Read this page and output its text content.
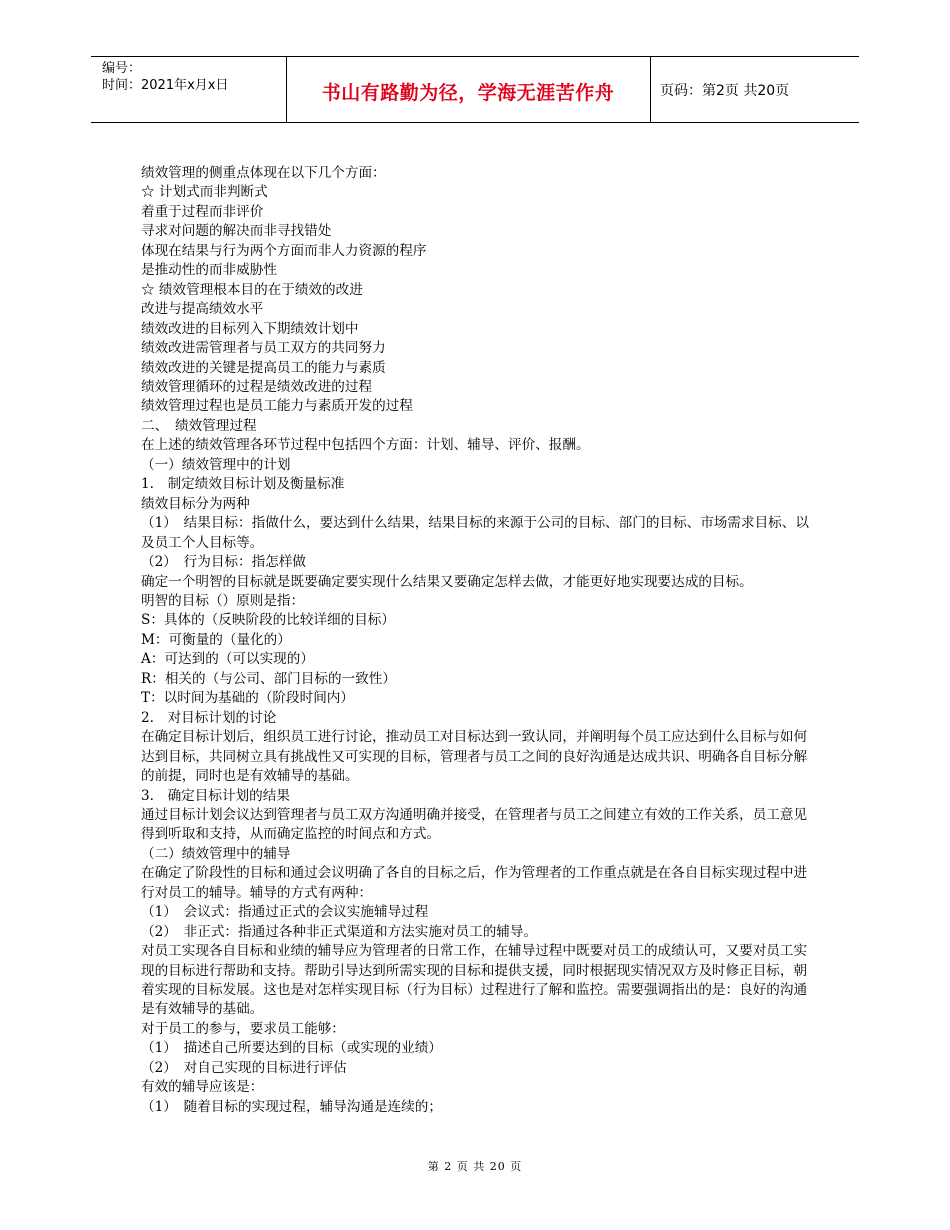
编号：
时间：2021年x月x日	书山有路勤为径，学海无涯苦作舟	页码：第2页 共20页
绩效管理的侧重点体现在以下几个方面：
☆ 计划式而非判断式
着重于过程而非评价
寻求对问题的解决而非寻找错处
体现在结果与行为两个方面而非人力资源的程序
是推动性的而非威胁性
☆ 绩效管理根本目的在于绩效的改进
改进与提高绩效水平
绩效改进的目标列入下期绩效计划中
绩效改进需管理者与员工双方的共同努力
绩效改进的关键是提高员工的能力与素质
绩效管理循环的过程是绩效改进的过程
绩效管理过程也是员工能力与素质开发的过程
二、　绩效管理过程
在上述的绩效管理各环节过程中包括四个方面：计划、辅导、评价、报酬。
（一）绩效管理中的计划
1.　制定绩效目标计划及衡量标准
绩效目标分为两种
（1）　结果目标：指做什么，要达到什么结果，结果目标的来源于公司的目标、部门的目标、市场需求目标、以及员工个人目标等。
（2）　行为目标：指怎样做
确定一个明智的目标就是既要确定要实现什么结果又要确定怎样去做，才能更好地实现要达成的目标。
明智的目标（）原则是指：
S：具体的（反映阶段的比较详细的目标）
M：可衡量的（量化的）
A：可达到的（可以实现的）
R：相关的（与公司、部门目标的一致性）
T：以时间为基础的（阶段时间内）
2.　对目标计划的讨论
在确定目标计划后，组织员工进行讨论，推动员工对目标达到一致认同，并阐明每个员工应达到什么目标与如何达到目标，共同树立具有挑战性又可实现的目标，管理者与员工之间的良好沟通是达成共识、明确各自目标分解的前提，同时也是有效辅导的基础。
3.　确定目标计划的结果
通过目标计划会议达到管理者与员工双方沟通明确并接受，在管理者与员工之间建立有效的工作关系，员工意见得到听取和支持，从而确定监控的时间点和方式。
（二）绩效管理中的辅导
在确定了阶段性的目标和通过会议明确了各自的目标之后，作为管理者的工作重点就是在各自目标实现过程中进行对员工的辅导。辅导的方式有两种：
（1）　会议式：指通过正式的会议实施辅导过程
（2）　非正式：指通过各种非正式渠道和方法实施对员工的辅导。
对员工实现各自目标和业绩的辅导应为管理者的日常工作，在辅导过程中既要对员工的成绩认可，又要对员工实现的目标进行帮助和支持。帮助引导达到所需实现的目标和提供支援，同时根据现实情况双方及时修正目标，朝着实现的目标发展。这也是对怎样实现目标（行为目标）过程进行了解和监控。需要强调指出的是：良好的沟通是有效辅导的基础。
对于员工的参与，要求员工能够：
（1）　描述自己所要达到的目标（或实现的业绩）
（2）　对自己实现的目标进行评估
有效的辅导应该是：
（1）　随着目标的实现过程，辅导沟通是连续的；
第 2 页 共 20 页
